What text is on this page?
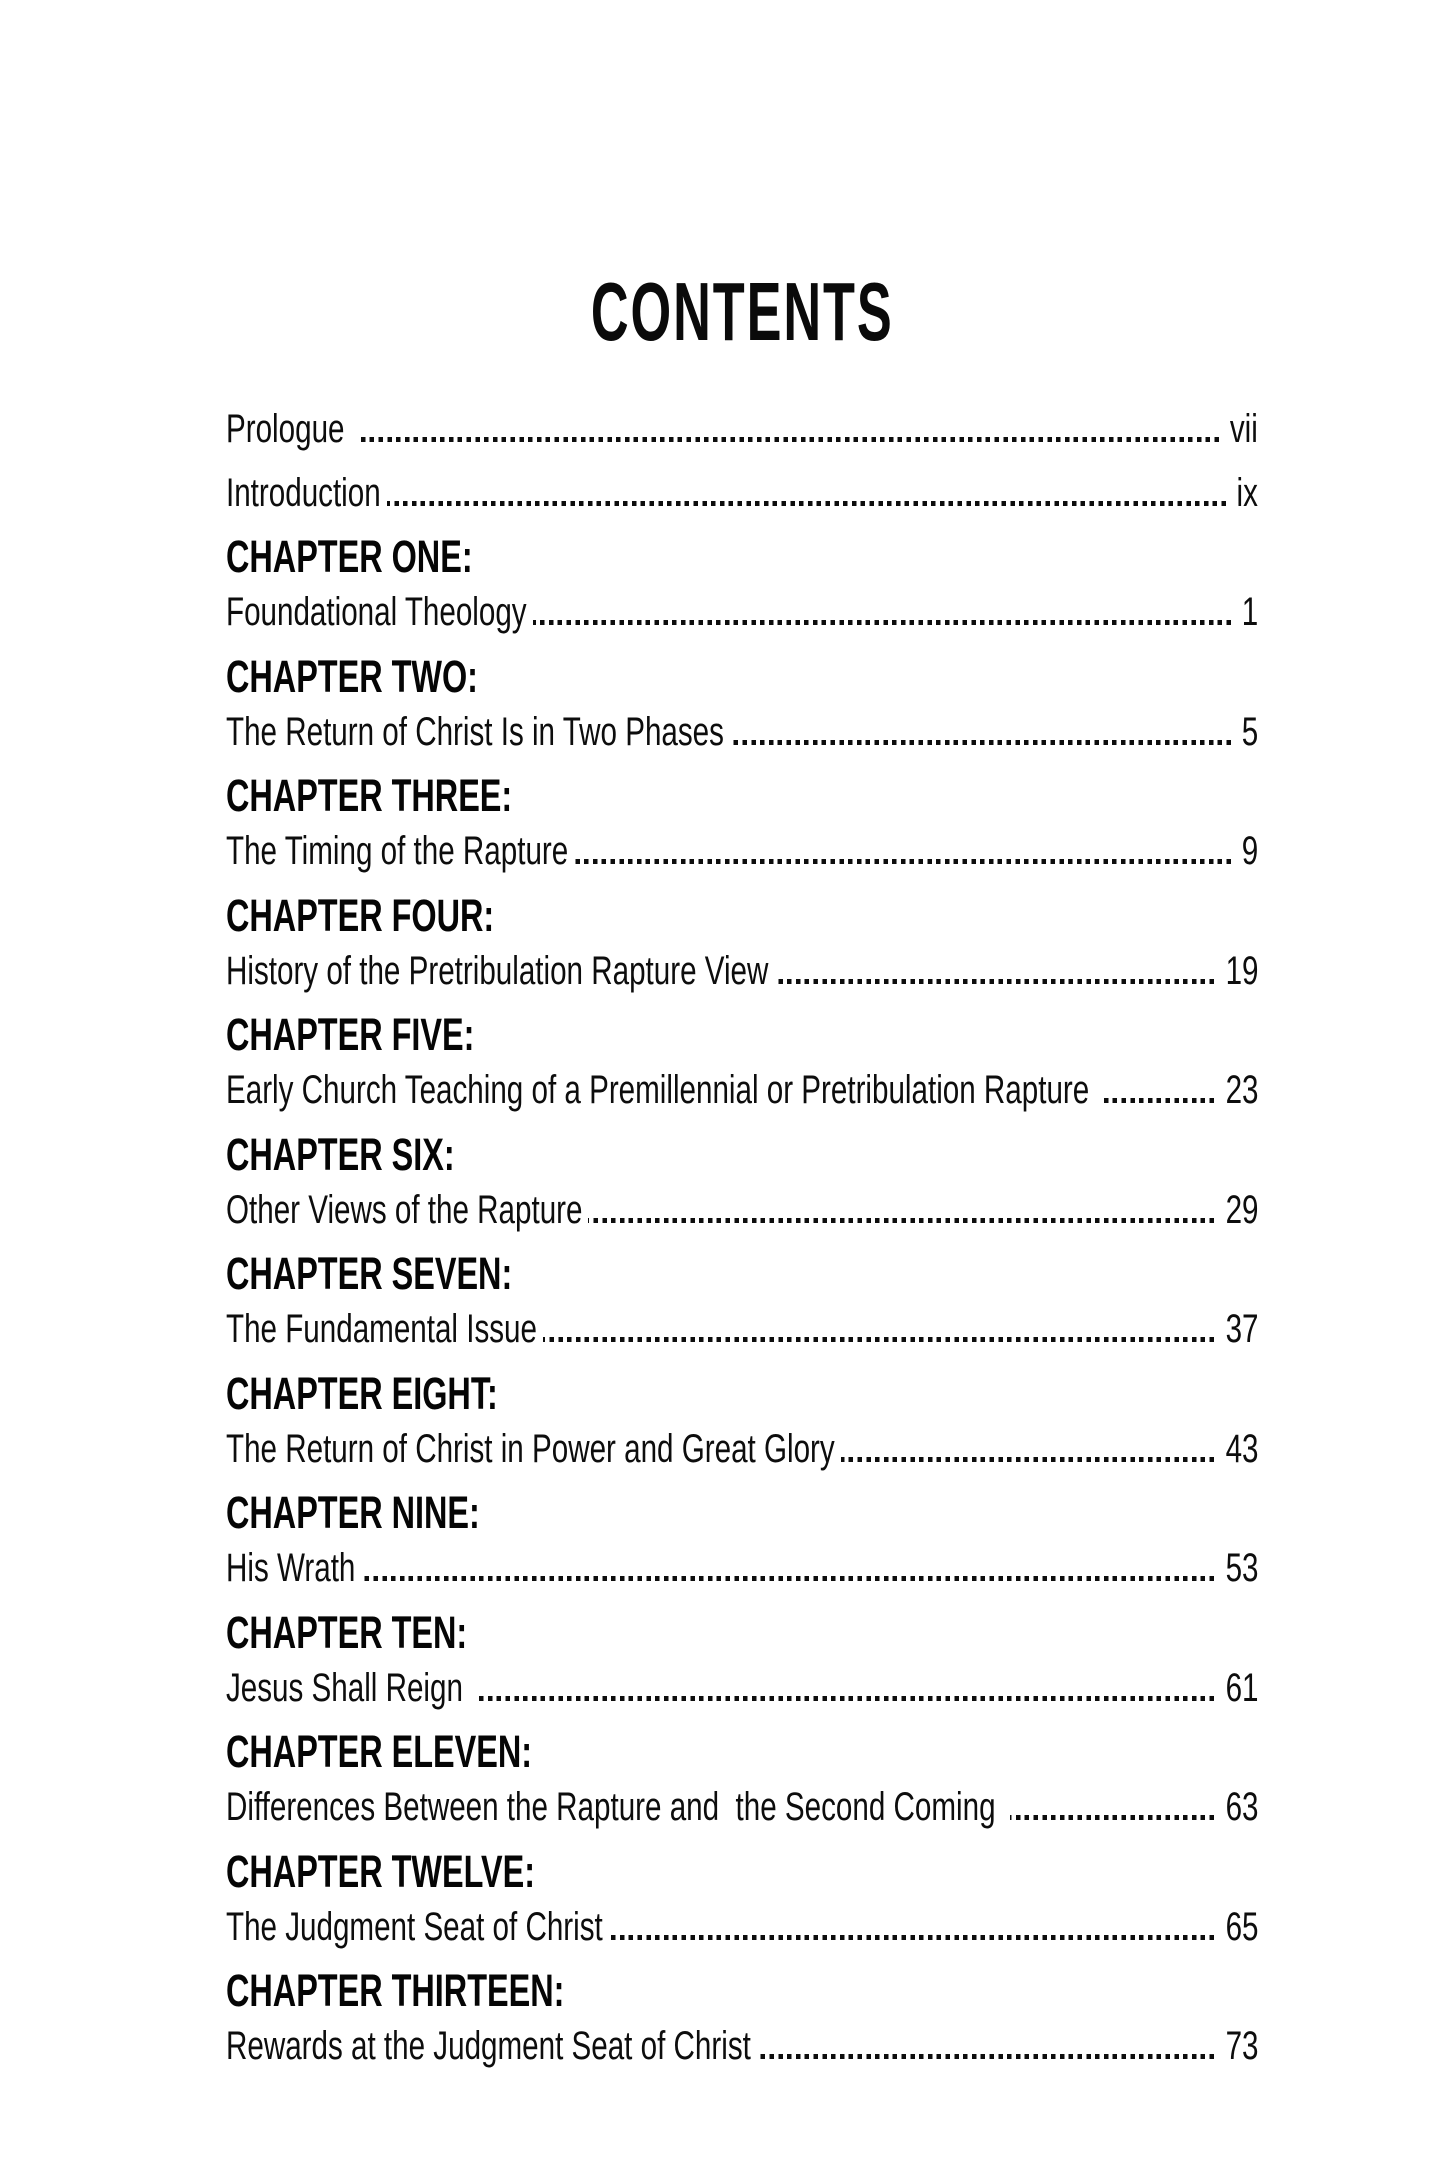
CONTENTS
Prologue	vii
Introduction	ix
CHAPTER ONE:
Foundational Theology	1
CHAPTER TWO:
The Return of Christ Is in Two Phases	5
CHAPTER THREE:
The Timing of the Rapture	9
CHAPTER FOUR:
History of the Pretribulation Rapture View	19
CHAPTER FIVE:
Early Church Teaching of a Premillennial or Pretribulation Rapture	23
CHAPTER SIX:
Other Views of the Rapture	29
CHAPTER SEVEN:
The Fundamental Issue	37
CHAPTER EIGHT:
The Return of Christ in Power and Great Glory	43
CHAPTER NINE:
His Wrath	53
CHAPTER TEN:
Jesus Shall Reign	61
CHAPTER ELEVEN:
Differences Between the Rapture and  the Second Coming	63
CHAPTER TWELVE:
The Judgment Seat of Christ	65
CHAPTER THIRTEEN:
Rewards at the Judgment Seat of Christ	73
